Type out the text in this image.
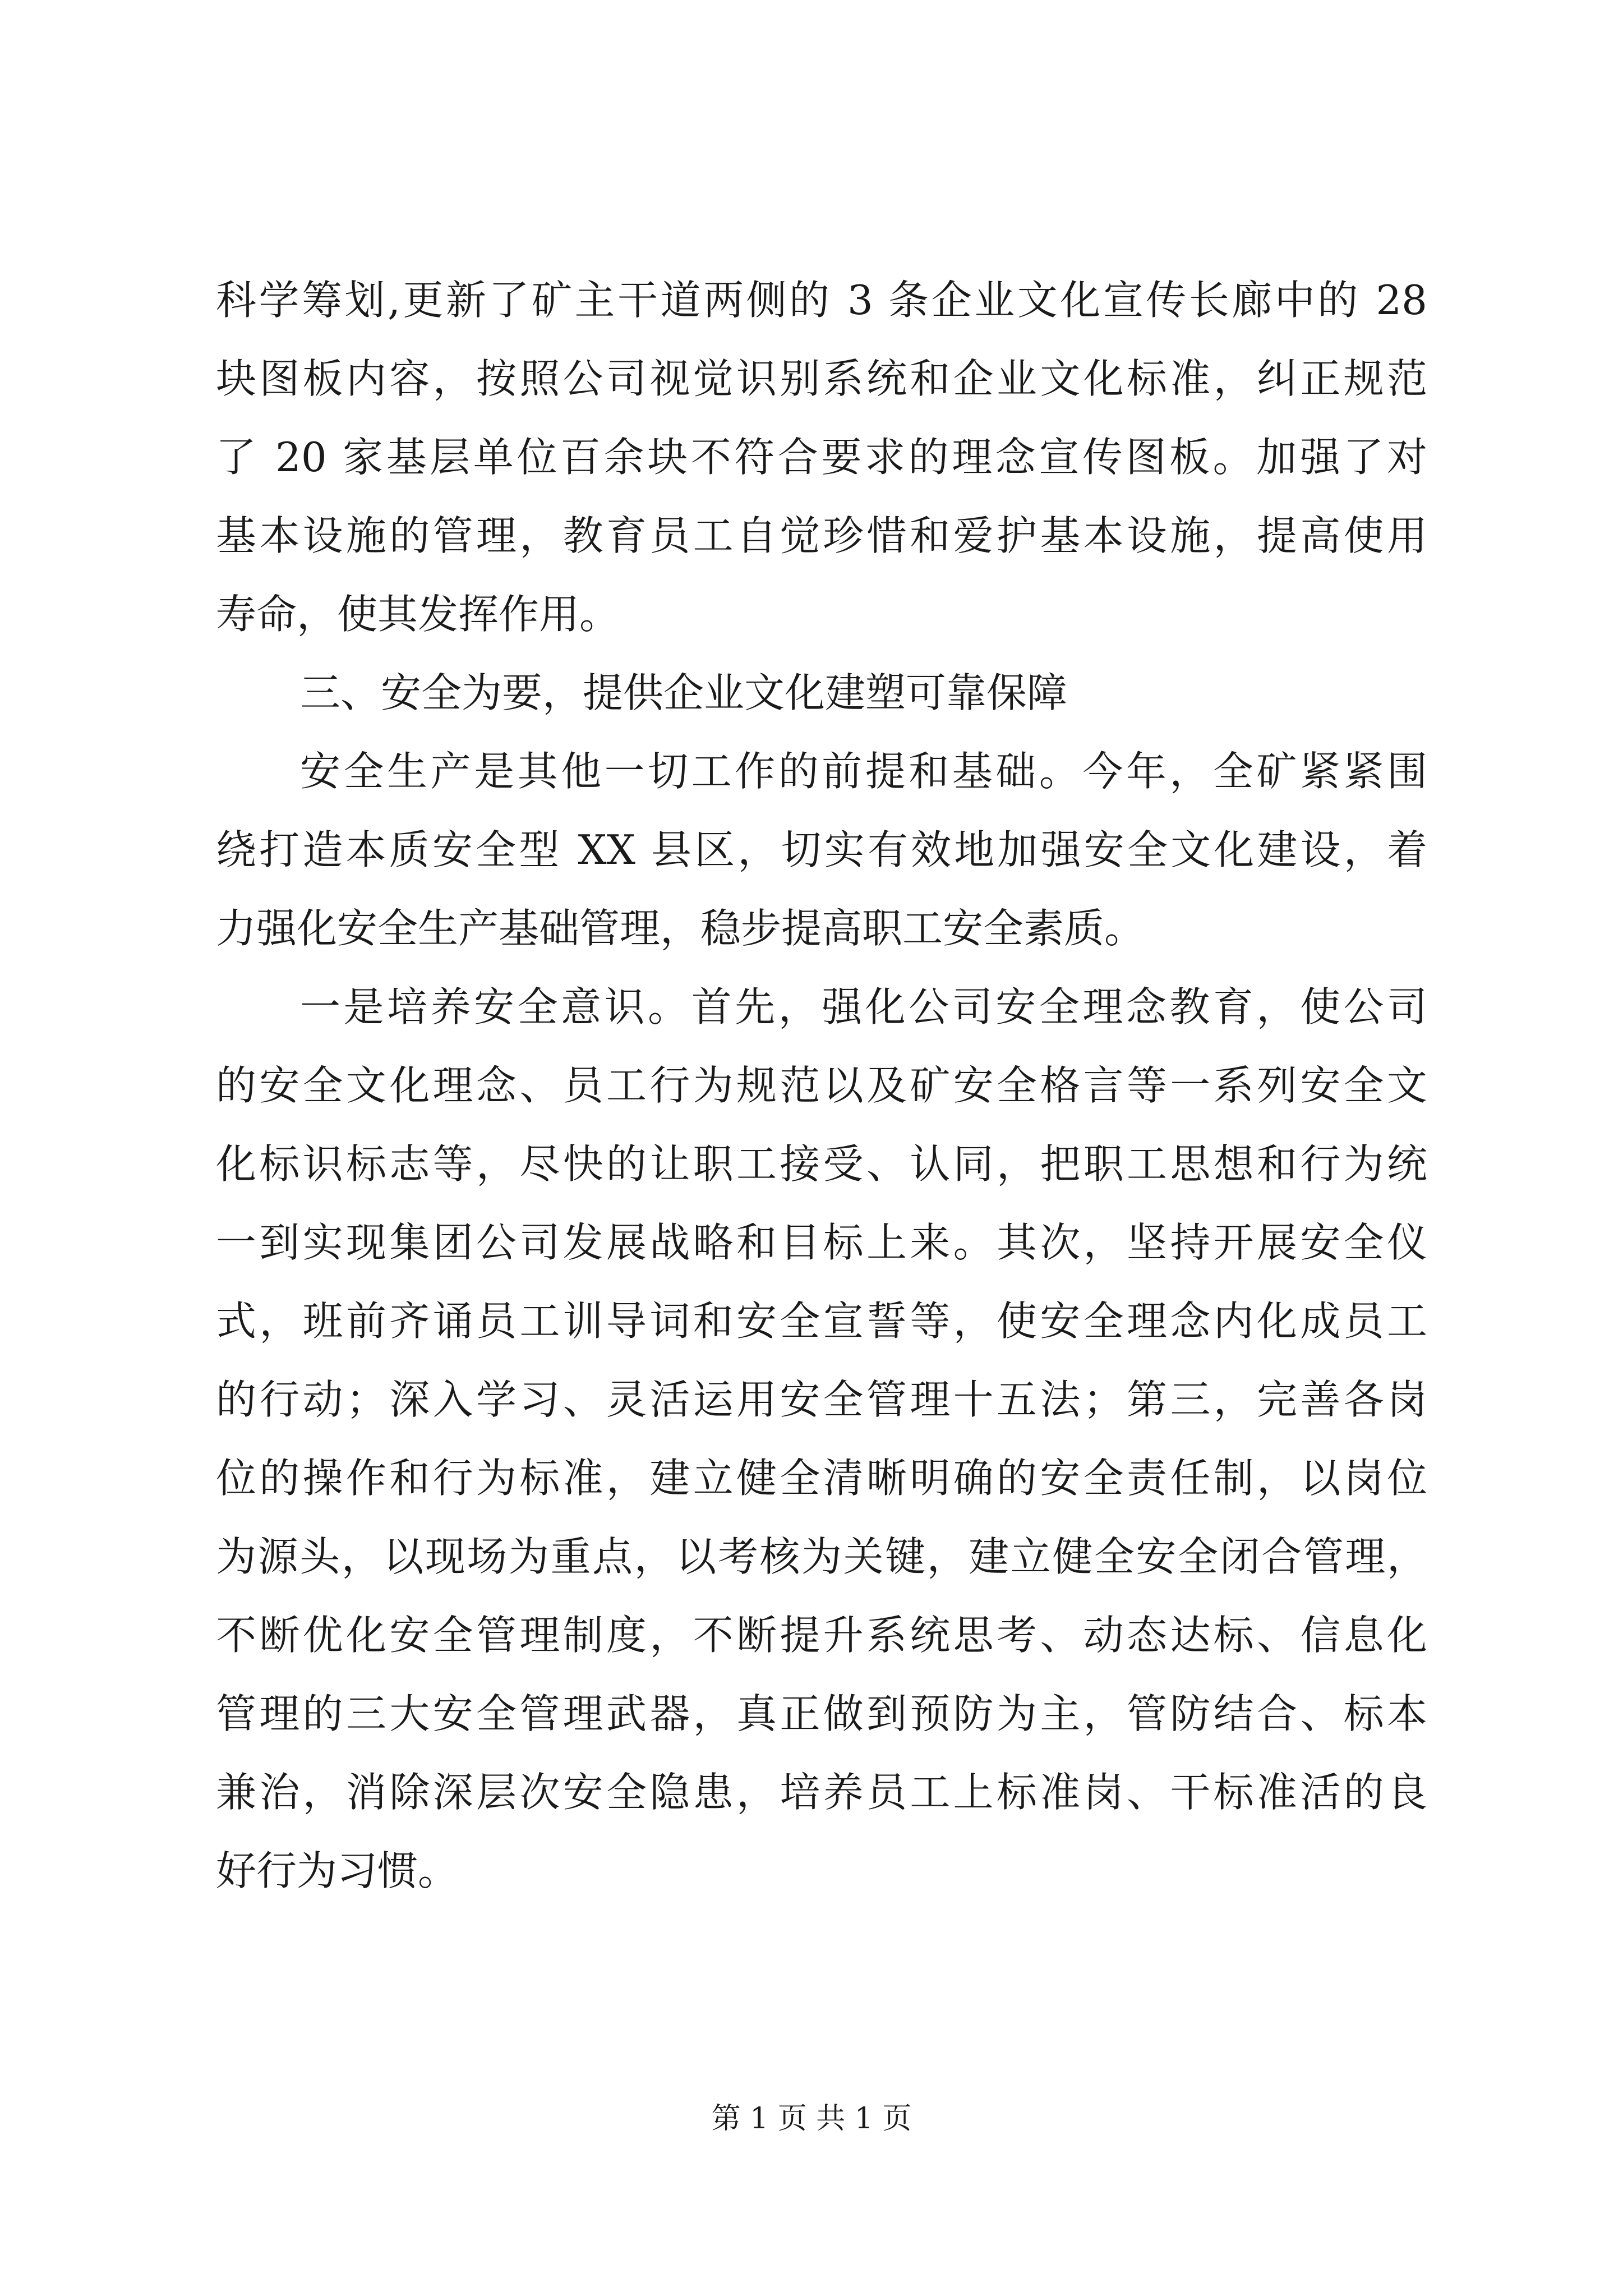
科学筹划,更新了矿主干道两侧的 3 条企业文化宣传长廊中的 28
块图板内容，按照公司视觉识别系统和企业文化标准，纠正规范
了 20 家基层单位百余块不符合要求的理念宣传图板。加强了对
基本设施的管理，教育员工自觉珍惜和爱护基本设施，提高使用
寿命，使其发挥作用。
三、安全为要，提供企业文化建塑可靠保障
安全生产是其他一切工作的前提和基础。今年，全矿紧紧围
绕打造本质安全型 XX 县区，切实有效地加强安全文化建设，着
力强化安全生产基础管理，稳步提高职工安全素质。
一是培养安全意识。首先，强化公司安全理念教育，使公司
的安全文化理念、员工行为规范以及矿安全格言等一系列安全文
化标识标志等，尽快的让职工接受、认同，把职工思想和行为统
一到实现集团公司发展战略和目标上来。其次，坚持开展安全仪
式，班前齐诵员工训导词和安全宣誓等，使安全理念内化成员工
的行动；深入学习、灵活运用安全管理十五法；第三，完善各岗
位的操作和行为标准，建立健全清晰明确的安全责任制，以岗位
为源头，以现场为重点，以考核为关键，建立健全安全闭合管理，
不断优化安全管理制度，不断提升系统思考、动态达标、信息化
管理的三大安全管理武器，真正做到预防为主，管防结合、标本
兼治，消除深层次安全隐患，培养员工上标准岗、干标准活的良
好行为习惯。
第 1 页 共 1 页
